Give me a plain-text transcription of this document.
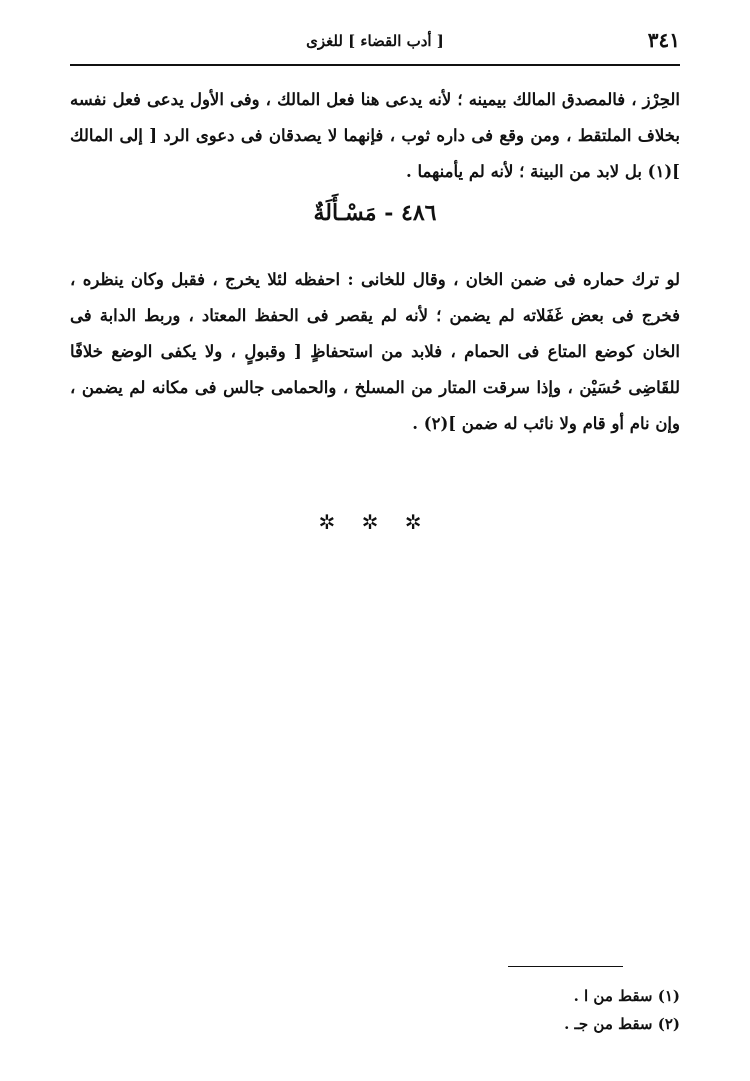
٣٤١
[ أدب القضاء ] للغزى

الحِرْز ، فالمصدق المالك بيمينه ؛ لأنه يدعى هنا فعل المالك ، وفى الأول يدعى فعل نفسه بخلاف الملتقط ، ومن وقع فى داره ثوب ، فإنهما لا يصدقان فى دعوى الرد [ إلى المالك ](١) بل لابد من البينة ؛ لأنه لم يأمنهما .

٤٨٦ - مَسْـأَلَةٌ

لو ترك حماره فى ضمن الخان ، وقال للخانى : احفظه لئلا يخرج ، فقبل وكان ينظره ، فخرج فى بعض غَفَلاته لم يضمن ؛ لأنه لم يقصر فى الحفظ المعتاد ، وربط الدابة فى الخان كوضع المتاع فى الحمام ، فلابد من استحفاظٍ [ وقبولٍ ، ولا يكفى الوضع خلافًا للقَاضِى حُسَيْن ، وإذا سرقت المتار من المسلخ ، والحمامى جالس فى مكانه لم يضمن ، وإن نام أو قام ولا نائب له ضمن ](٢) .

✲ ✲ ✲
(١) سقط من ا .
(٢) سقط من جـ .
